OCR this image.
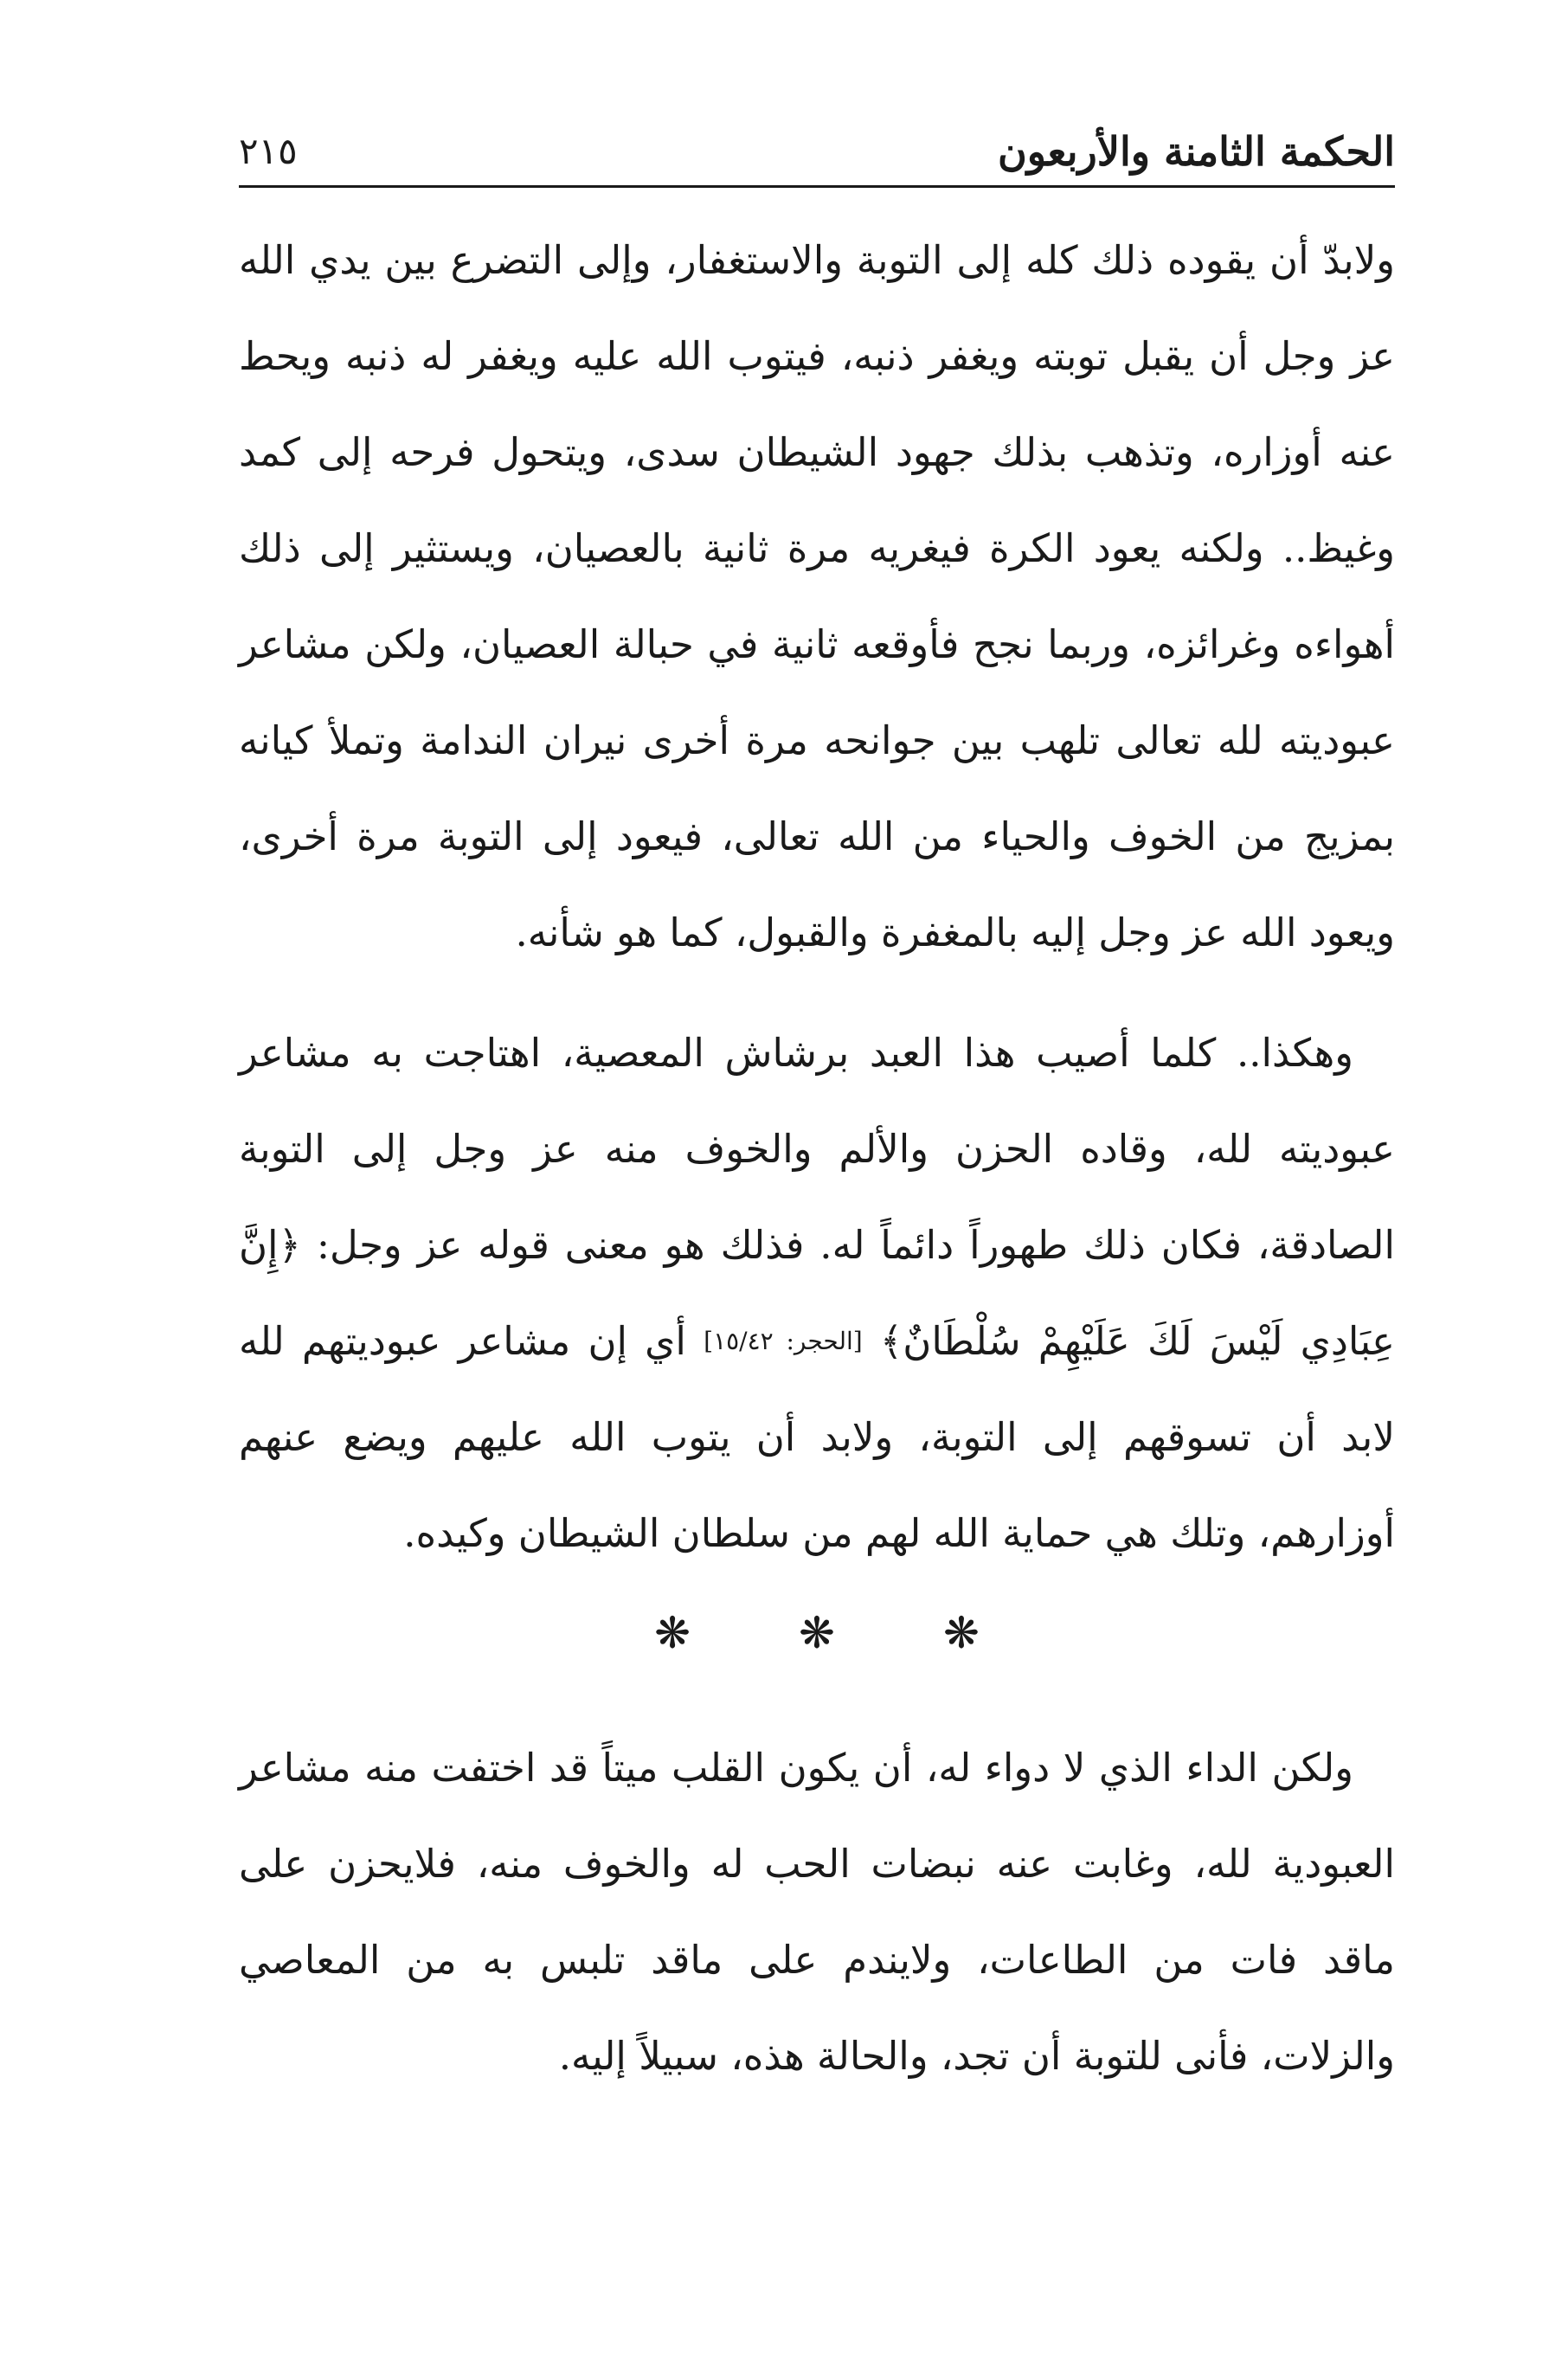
الحكمة الثامنة والأربعون
٢١٥

ولابدّ أن يقوده ذلك كله إلى التوبة والاستغفار، وإلى التضرع بين يدي الله عز وجل أن يقبل توبته ويغفر ذنبه، فيتوب الله عليه ويغفر له ذنبه ويحط عنه أوزاره، وتذهب بذلك جهود الشيطان سدى، ويتحول فرحه إلى كمد وغيظ.. ولكنه يعود الكرة فيغريه مرة ثانية بالعصيان، ويستثير إلى ذلك أهواءه وغرائزه، وربما نجح فأوقعه ثانية في حبالة العصيان، ولكن مشاعر عبوديته لله تعالى تلهب بين جوانحه مرة أخرى نيران الندامة وتملأ كيانه بمزيج من الخوف والحياء من الله تعالى، فيعود إلى التوبة مرة أخرى، ويعود الله عز وجل إليه بالمغفرة والقبول، كما هو شأنه.

وهكذا.. كلما أصيب هذا العبد برشاش المعصية، اهتاجت به مشاعر عبوديته لله، وقاده الحزن والألم والخوف منه عز وجل إلى التوبة الصادقة، فكان ذلك طهوراً دائماً له. فذلك هو معنى قوله عز وجل: ﴿إِنَّ عِبَادِي لَيْسَ لَكَ عَلَيْهِمْ سُلْطَانٌ﴾ [الحجر: ١٥/٤٢] أي إن مشاعر عبوديتهم لله لابد أن تسوقهم إلى التوبة، ولابد أن يتوب الله عليهم ويضع عنهم أوزارهم، وتلك هي حماية الله لهم من سلطان الشيطان وكيده.

❋	❋	❋

ولكن الداء الذي لا دواء له، أن يكون القلب ميتاً قد اختفت منه مشاعر العبودية لله، وغابت عنه نبضات الحب له والخوف منه، فلايحزن على ماقد فات من الطاعات، ولايندم على ماقد تلبس به من المعاصي والزلات، فأنى للتوبة أن تجد، والحالة هذه، سبيلاً إليه.
